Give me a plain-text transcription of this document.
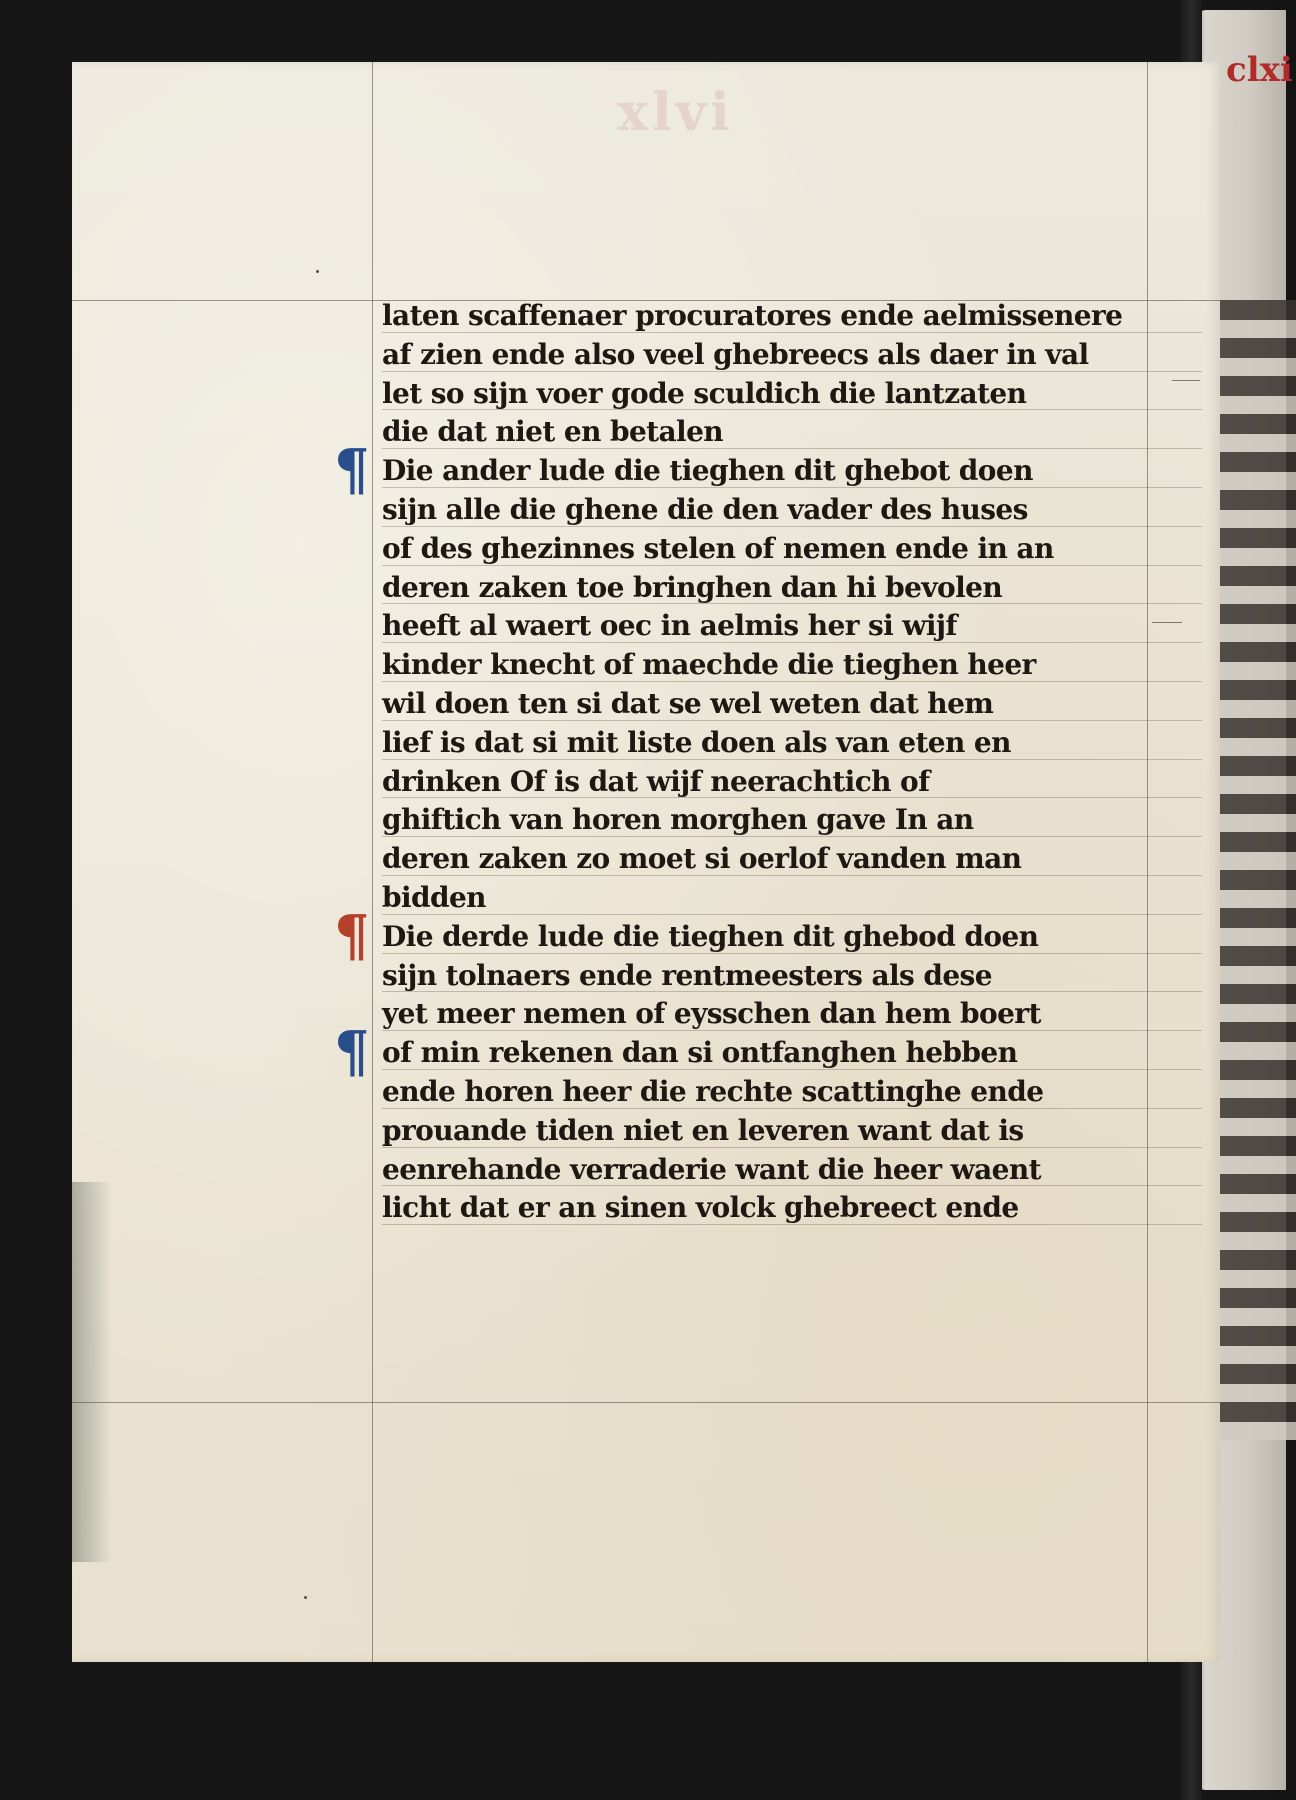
clxi
xlvi
laten scaffenaer procuratores ende aelmissenere
af zien ende also veel ghebreecs als daer in val
let so sijn voer gode sculdich die lantzaten
die dat niet en betalen
Die ander lude die tieghen dit ghebot doen
sijn alle die ghene die den vader des huses
of des ghezinnes stelen of nemen ende in an
deren zaken toe bringhen dan hi bevolen
heeft al waert oec in aelmis her si wijf
kinder knecht of maechde die tieghen heer
wil doen ten si dat se wel weten dat hem
lief is dat si mit liste doen als van eten en
drinken Of is dat wijf neerachtich of
ghiftich van horen morghen gave In an
deren zaken zo moet si oerlof vanden man
bidden
Die derde lude die tieghen dit ghebod doen
sijn tolnaers ende rentmeesters als dese
yet meer nemen of eysschen dan hem boert
of min rekenen dan si ontfanghen hebben
ende horen heer die rechte scattinghe ende
prouande tiden niet en leveren want dat is
eenrehande verraderie want die heer waent
licht dat er an sinen volck ghebreect ende
¶
¶
¶
